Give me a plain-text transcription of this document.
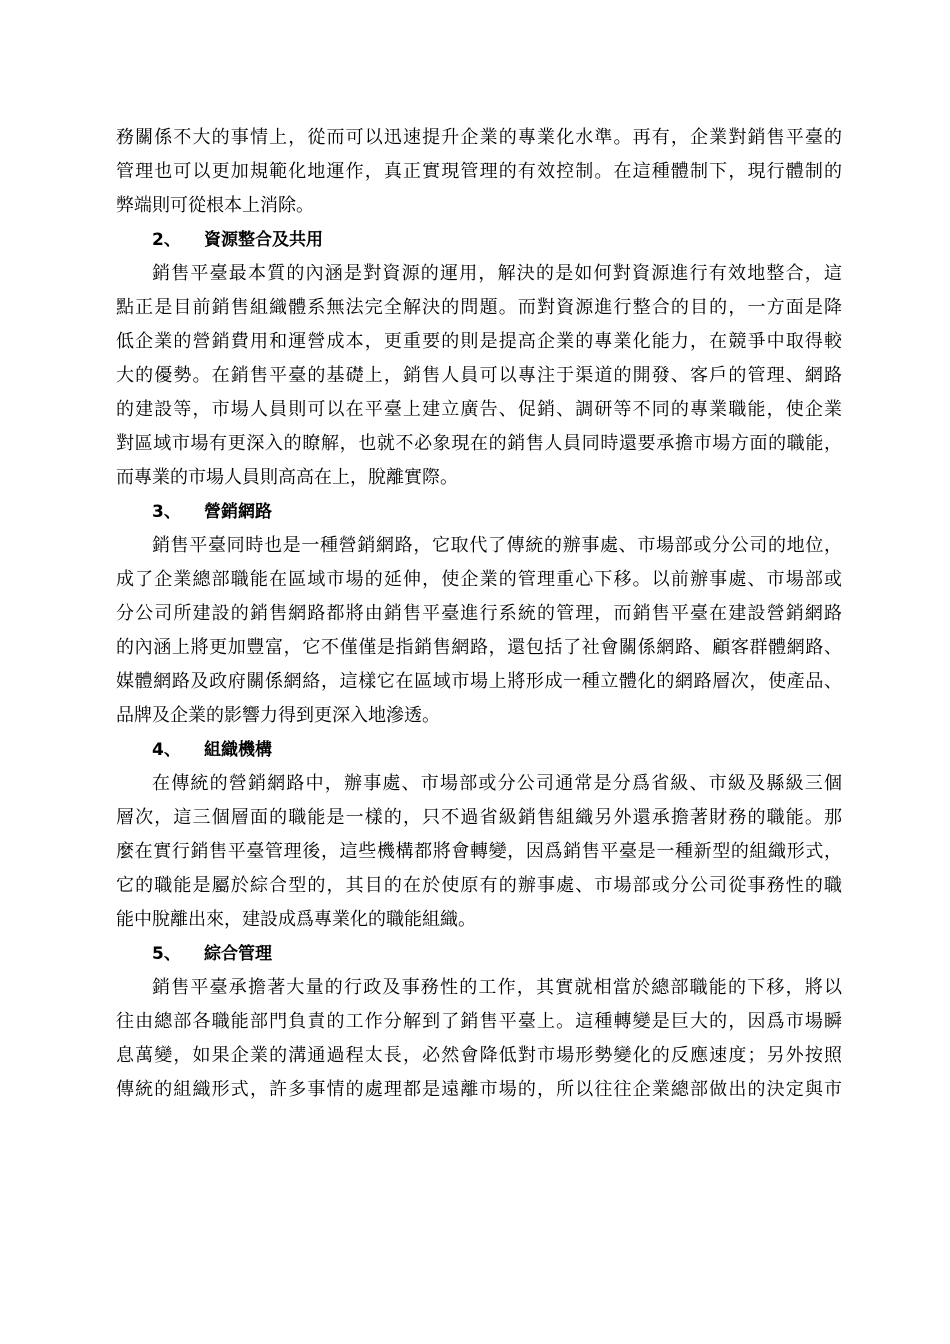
務關係不大的事情上，從而可以迅速提升企業的專業化水準。再有，企業對銷售平臺的
管理也可以更加規範化地運作，真正實現管理的有效控制。在這種體制下，現行體制的
弊端則可從根本上消除。
2、 資源整合及共用
銷售平臺最本質的內涵是對資源的運用，解決的是如何對資源進行有效地整合，這
點正是目前銷售組織體系無法完全解決的問題。而對資源進行整合的目的，一方面是降
低企業的營銷費用和運營成本，更重要的則是提高企業的專業化能力，在競爭中取得較
大的優勢。在銷售平臺的基礎上，銷售人員可以專注于渠道的開發、客戶的管理、網路
的建設等，市場人員則可以在平臺上建立廣告、促銷、調研等不同的專業職能，使企業
對區域市場有更深入的瞭解，也就不必象現在的銷售人員同時還要承擔市場方面的職能，
而專業的市場人員則高高在上，脫離實際。
3、 營銷網路
銷售平臺同時也是一種營銷網路，它取代了傳統的辦事處、市場部或分公司的地位，
成了企業總部職能在區域市場的延伸，使企業的管理重心下移。以前辦事處、市場部或
分公司所建設的銷售網路都將由銷售平臺進行系統的管理，而銷售平臺在建設營銷網路
的內涵上將更加豐富，它不僅僅是指銷售網路，還包括了社會關係網路、顧客群體網路、
媒體網路及政府關係網絡，這樣它在區域市場上將形成一種立體化的網路層次，使產品、
品牌及企業的影響力得到更深入地滲透。
4、 組織機構
在傳統的營銷網路中，辦事處、市場部或分公司通常是分爲省級、市級及縣級三個
層次，這三個層面的職能是一樣的，只不過省級銷售組織另外還承擔著財務的職能。那
麼在實行銷售平臺管理後，這些機構都將會轉變，因爲銷售平臺是一種新型的組織形式，
它的職能是屬於綜合型的，其目的在於使原有的辦事處、市場部或分公司從事務性的職
能中脫離出來，建設成爲專業化的職能組織。
5、 綜合管理
銷售平臺承擔著大量的行政及事務性的工作，其實就相當於總部職能的下移，將以
往由總部各職能部門負責的工作分解到了銷售平臺上。這種轉變是巨大的，因爲市場瞬
息萬變，如果企業的溝通過程太長，必然會降低對市場形勢變化的反應速度；另外按照
傳統的組織形式，許多事情的處理都是遠離市場的，所以往往企業總部做出的決定與市
